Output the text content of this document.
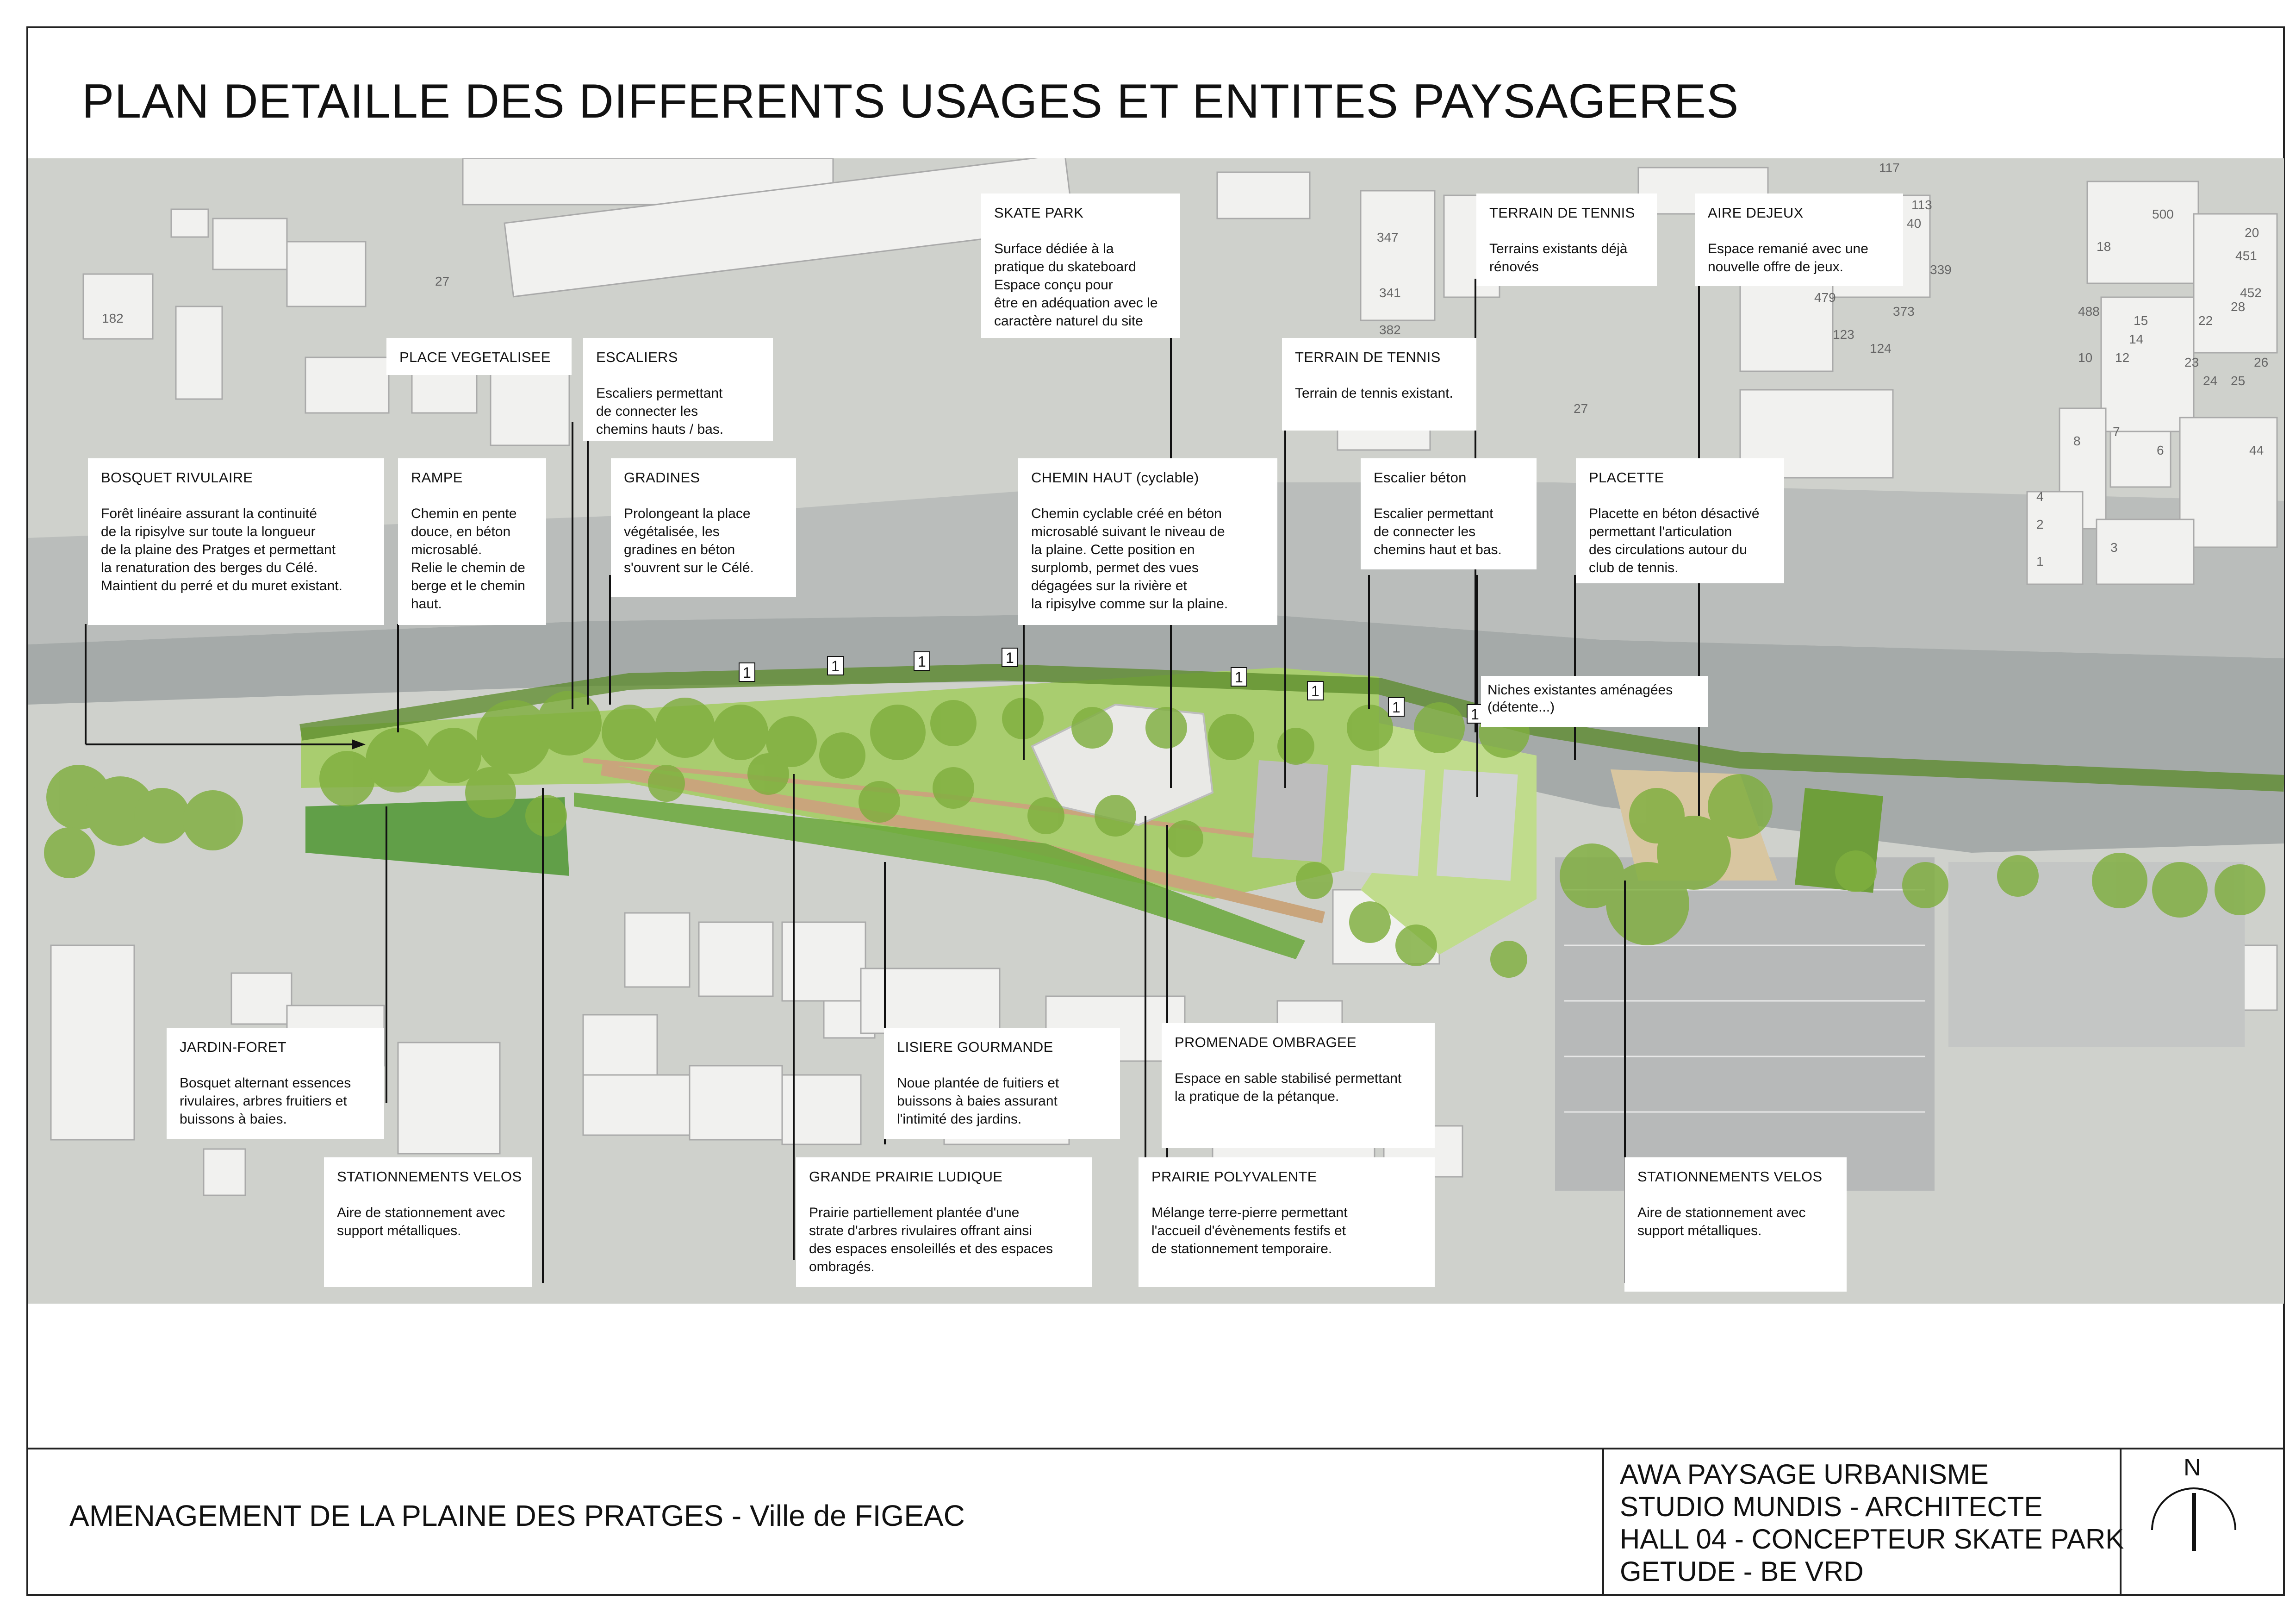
PLAN DETAILLE DES DIFFERENTS USAGES ET ENTITES PAYSAGERES
1	1	1	1
1
1
1	1
182
27
347
341
382
113
500
20
451
18
479
339
373
123
124
488
15	22
28
452
23
24 25
26
10 12
14
7
6
8
4
2
3
1
44
27
117
40
SKATE PARK
Surface dédiée à la
pratique du skateboard
Espace conçu pour
être en adéquation avec le
caractère naturel du site
TERRAIN DE TENNIS
Terrains existants déjà
rénovés
AIRE DEJEUX
Espace remanié avec une
nouvelle offre de jeux.
PLACE VEGETALISEE	ESCALIERS
Escaliers permettant
de connecter les
chemins hauts / bas.
TERRAIN DE TENNIS
Terrain de tennis existant.
BOSQUET RIVULAIRE
Forêt linéaire assurant la continuité
de la ripisylve sur toute la longueur
de la plaine des Pratges et permettant
la renaturation des berges du Célé.
Maintient du perré et du muret existant.
RAMPE
Chemin en pente
douce, en béton
microsablé.
Relie le chemin de
berge et le chemin
haut.
GRADINES
Prolongeant la place
végétalisée, les
gradines en béton
s'ouvrent sur le Célé.
CHEMIN HAUT (cyclable)
Chemin cyclable créé en béton
microsablé suivant le niveau de
la plaine. Cette position en
surplomb, permet des vues
dégagées sur la rivière et
la ripisylve comme sur la plaine.
Escalier béton
Escalier permettant
de connecter les
chemins haut et bas.
PLACETTE
Placette en béton désactivé
permettant l'articulation
des circulations autour du
club de tennis.
JARDIN-FORET
Bosquet alternant essences
rivulaires, arbres fruitiers et
buissons à baies.
LISIERE GOURMANDE
Noue plantée de fuitiers et
buissons à baies assurant
l'intimité des jardins.
PROMENADE OMBRAGEE
Espace en sable stabilisé permettant
la pratique de la pétanque.
STATIONNEMENTS VELOS
Aire de stationnement avec
support métalliques.
GRANDE PRAIRIE LUDIQUE
Prairie partiellement plantée d'une
strate d'arbres rivulaires offrant ainsi
des espaces ensoleillés et des espaces
ombragés.
PRAIRIE POLYVALENTE
Mélange terre-pierre permettant
l'accueil d'évènements festifs et
de stationnement temporaire.
STATIONNEMENTS VELOS
Aire de stationnement avec
support métalliques.
Niches existantes aménagées
(détente...)
AMENAGEMENT DE LA PLAINE DES PRATGES - Ville de FIGEAC
AWA PAYSAGE URBANISME
STUDIO MUNDIS - ARCHITECTE
HALL 04 - CONCEPTEUR SKATE PARK
GETUDE - BE VRD
N
